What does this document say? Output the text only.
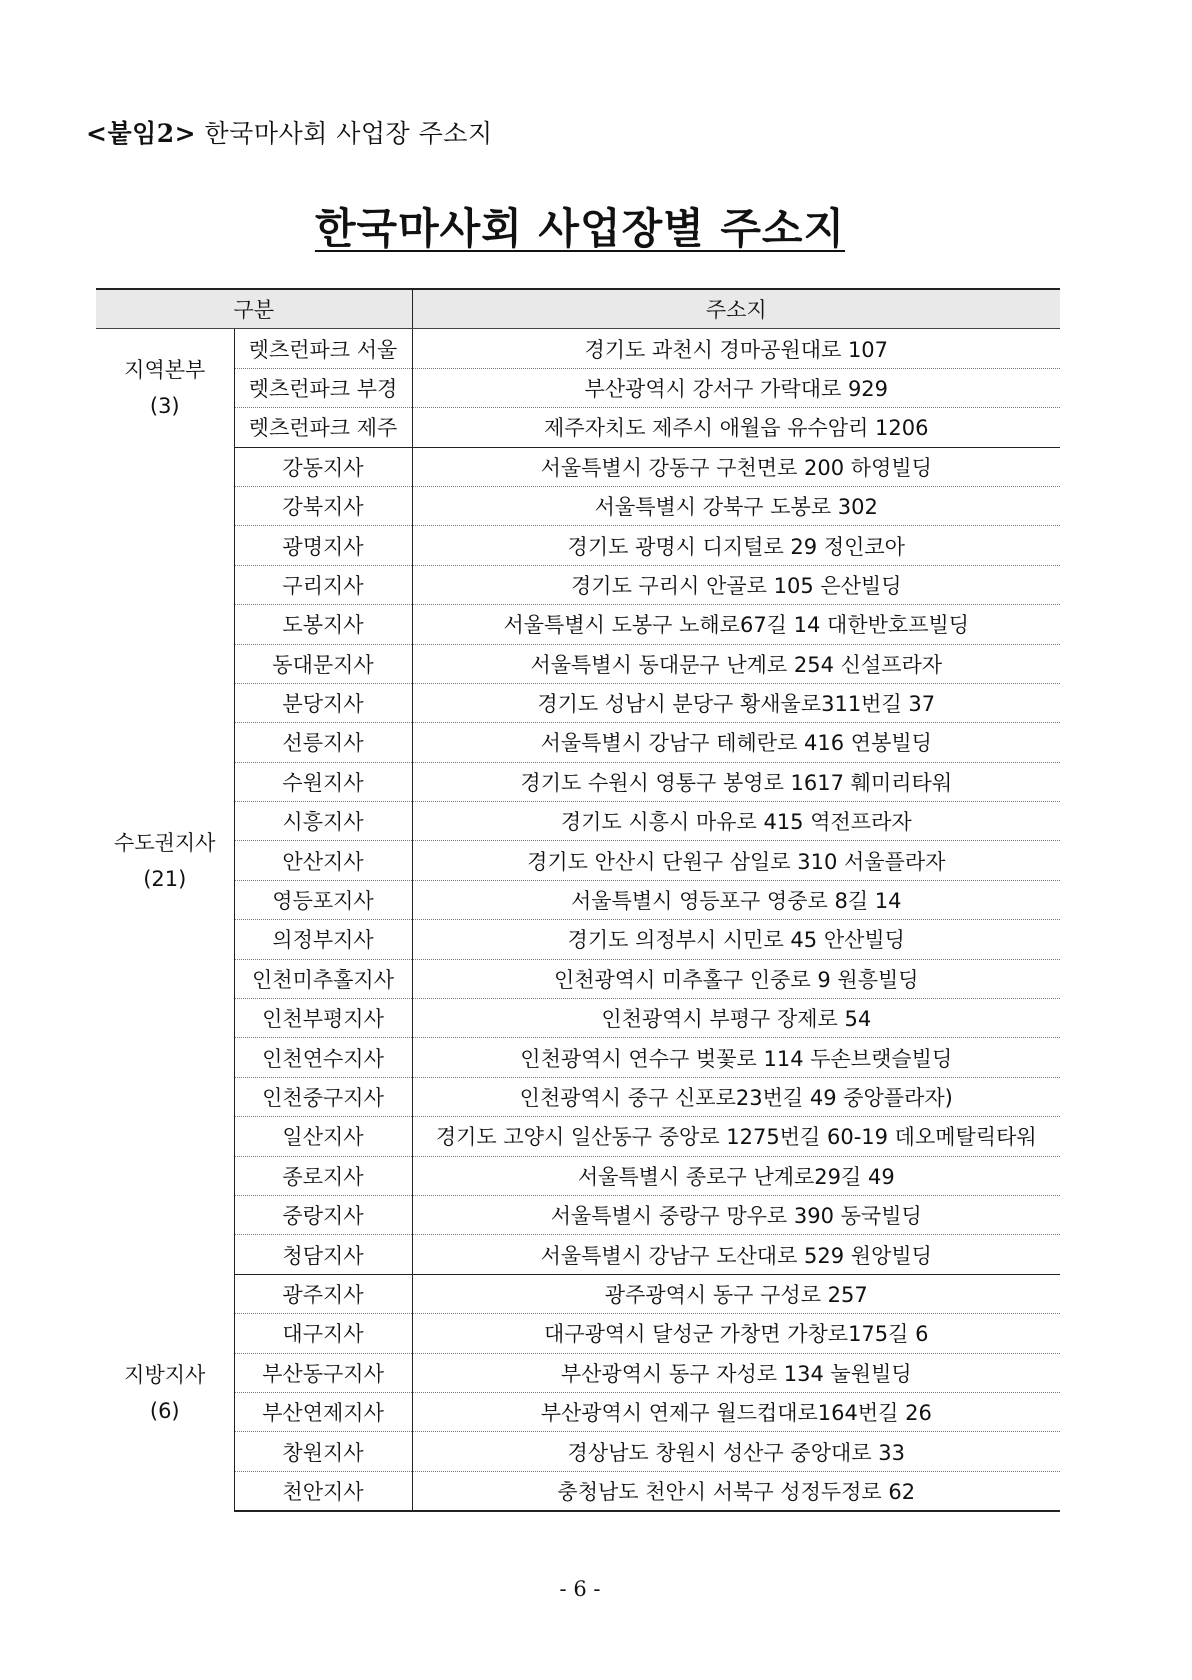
<붙임2> 한국마사회 사업장 주소지
한국마사회 사업장별 주소지
구분		주소지

지역본부
(3)	렛츠런파크 서울	경기도 과천시 경마공원대로 107
	렛츠런파크 부경	부산광역시 강서구 가락대로 929
	렛츠런파크 제주	제주자치도 제주시 애월읍 유수암리 1206

수도권지사
(21)	강동지사	서울특별시 강동구 구천면로 200 하영빌딩
	강북지사	서울특별시 강북구 도봉로 302
	광명지사	경기도 광명시 디지털로 29 정인코아
	구리지사	경기도 구리시 안골로 105 은산빌딩
	도봉지사	서울특별시 도봉구 노해로67길 14 대한반호프빌딩
	동대문지사	서울특별시 동대문구 난계로 254 신설프라자
	분당지사	경기도 성남시 분당구 황새울로311번길 37
	선릉지사	서울특별시 강남구 테헤란로 416 연봉빌딩
	수원지사	경기도 수원시 영통구 봉영로 1617 훼미리타워
	시흥지사	경기도 시흥시 마유로 415 역전프라자
	안산지사	경기도 안산시 단원구 삼일로 310 서울플라자
	영등포지사	서울특별시 영등포구 영중로 8길 14
	의정부지사	경기도 의정부시 시민로 45 안산빌딩
	인천미추홀지사	인천광역시 미추홀구 인중로 9 원흥빌딩
	인천부평지사	인천광역시 부평구 장제로 54
	인천연수지사	인천광역시 연수구 벚꽃로 114 두손브랫슬빌딩
	인천중구지사	인천광역시 중구 신포로23번길 49 중앙플라자)
	일산지사	경기도 고양시 일산동구 중앙로 1275번길 60-19 데오메탈릭타워
	종로지사	서울특별시 종로구 난계로29길 49
	중랑지사	서울특별시 중랑구 망우로 390 동국빌딩
	청담지사	서울특별시 강남구 도산대로 529 원앙빌딩

지방지사
(6)	광주지사	광주광역시 동구 구성로 257
	대구지사	대구광역시 달성군 가창면 가창로175길 6
	부산동구지사	부산광역시 동구 자성로 134 눌원빌딩
	부산연제지사	부산광역시 연제구 월드컵대로164번길 26
	창원지사	경상남도 창원시 성산구 중앙대로 33
	천안지사	충청남도 천안시 서북구 성정두정로 62
- 6 -
